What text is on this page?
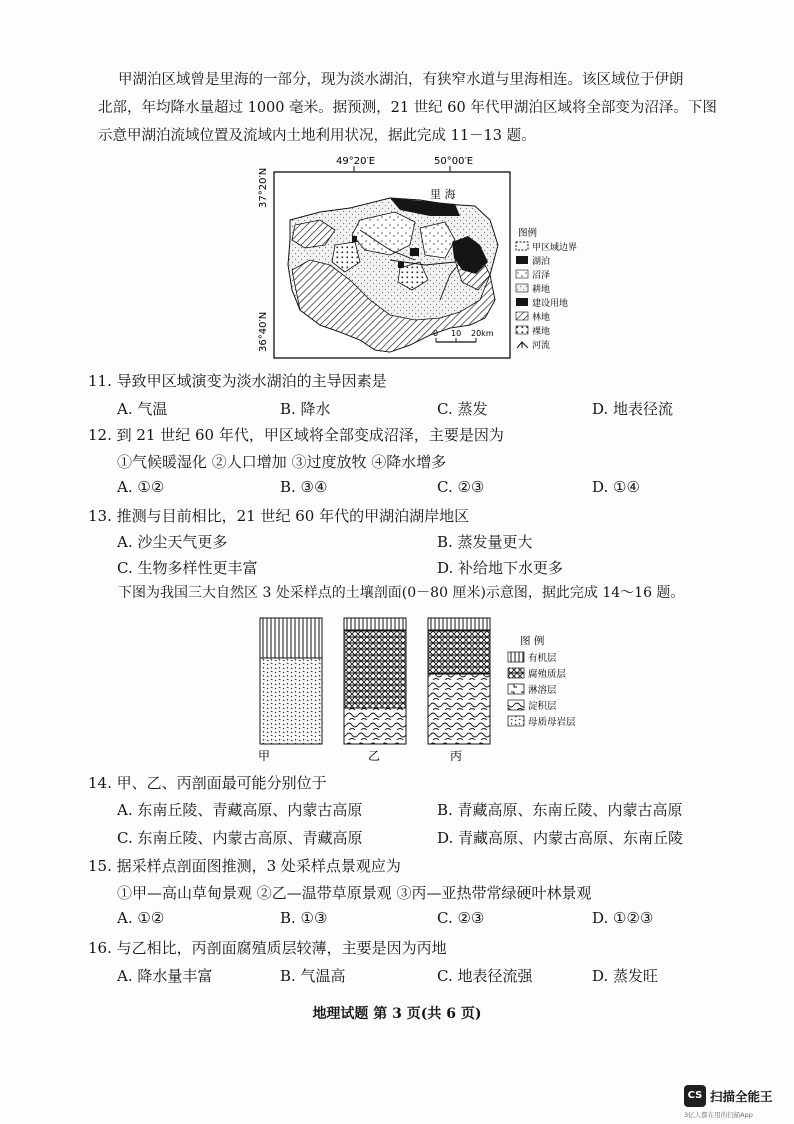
甲湖泊区域曾是里海的一部分，现为淡水湖泊，有狭窄水道与里海相连。该区域位于伊朗
北部，年均降水量超过 1000 毫米。据预测，21 世纪 60 年代甲湖泊区域将全部变为沼泽。下图
示意甲湖泊流域位置及流域内土地利用状况，据此完成 11－13 题。

49°20′E	50°00′E
37°20′N
36°40′N
里 海
0 10 20km
图例
甲区域边界
湖泊
沼泽
耕地
建设用地
林地
裸地
河流
11. 导致甲区域演变为淡水湖泊的主导因素是
A. 气温	B. 降水	C. 蒸发	D. 地表径流
12. 到 21 世纪 60 年代，甲区域将全部变成沼泽，主要是因为
①气候暖湿化 ②人口增加 ③过度放牧 ④降水增多
A. ①②	B. ③④	C. ②③	D. ①④
13. 推测与目前相比，21 世纪 60 年代的甲湖泊湖岸地区
A. 沙尘天气更多	B. 蒸发量更大
C. 生物多样性更丰富	D. 补给地下水更多
下图为我国三大自然区 3 处采样点的土壤剖面(0－80 厘米)示意图，据此完成 14～16 题。
甲	乙	丙
图 例
有机层
腐殖质层
淋溶层
淀积层
母质母岩层
14. 甲、乙、丙剖面最可能分别位于
A. 东南丘陵、青藏高原、内蒙古高原	B. 青藏高原、东南丘陵、内蒙古高原
C. 东南丘陵、内蒙古高原、青藏高原	D. 青藏高原、内蒙古高原、东南丘陵
15. 据采样点剖面图推测，3 处采样点景观应为
①甲—高山草甸景观 ②乙—温带草原景观 ③丙—亚热带常绿硬叶林景观
A. ①②	B. ①③	C. ②③	D. ①②③
16. 与乙相比，丙剖面腐殖质层较薄，主要是因为丙地
A. 降水量丰富	B. 气温高	C. 地表径流强	D. 蒸发旺
地理试题 第 3 页(共 6 页)
CS 扫描全能王
3亿人都在用的扫描App
